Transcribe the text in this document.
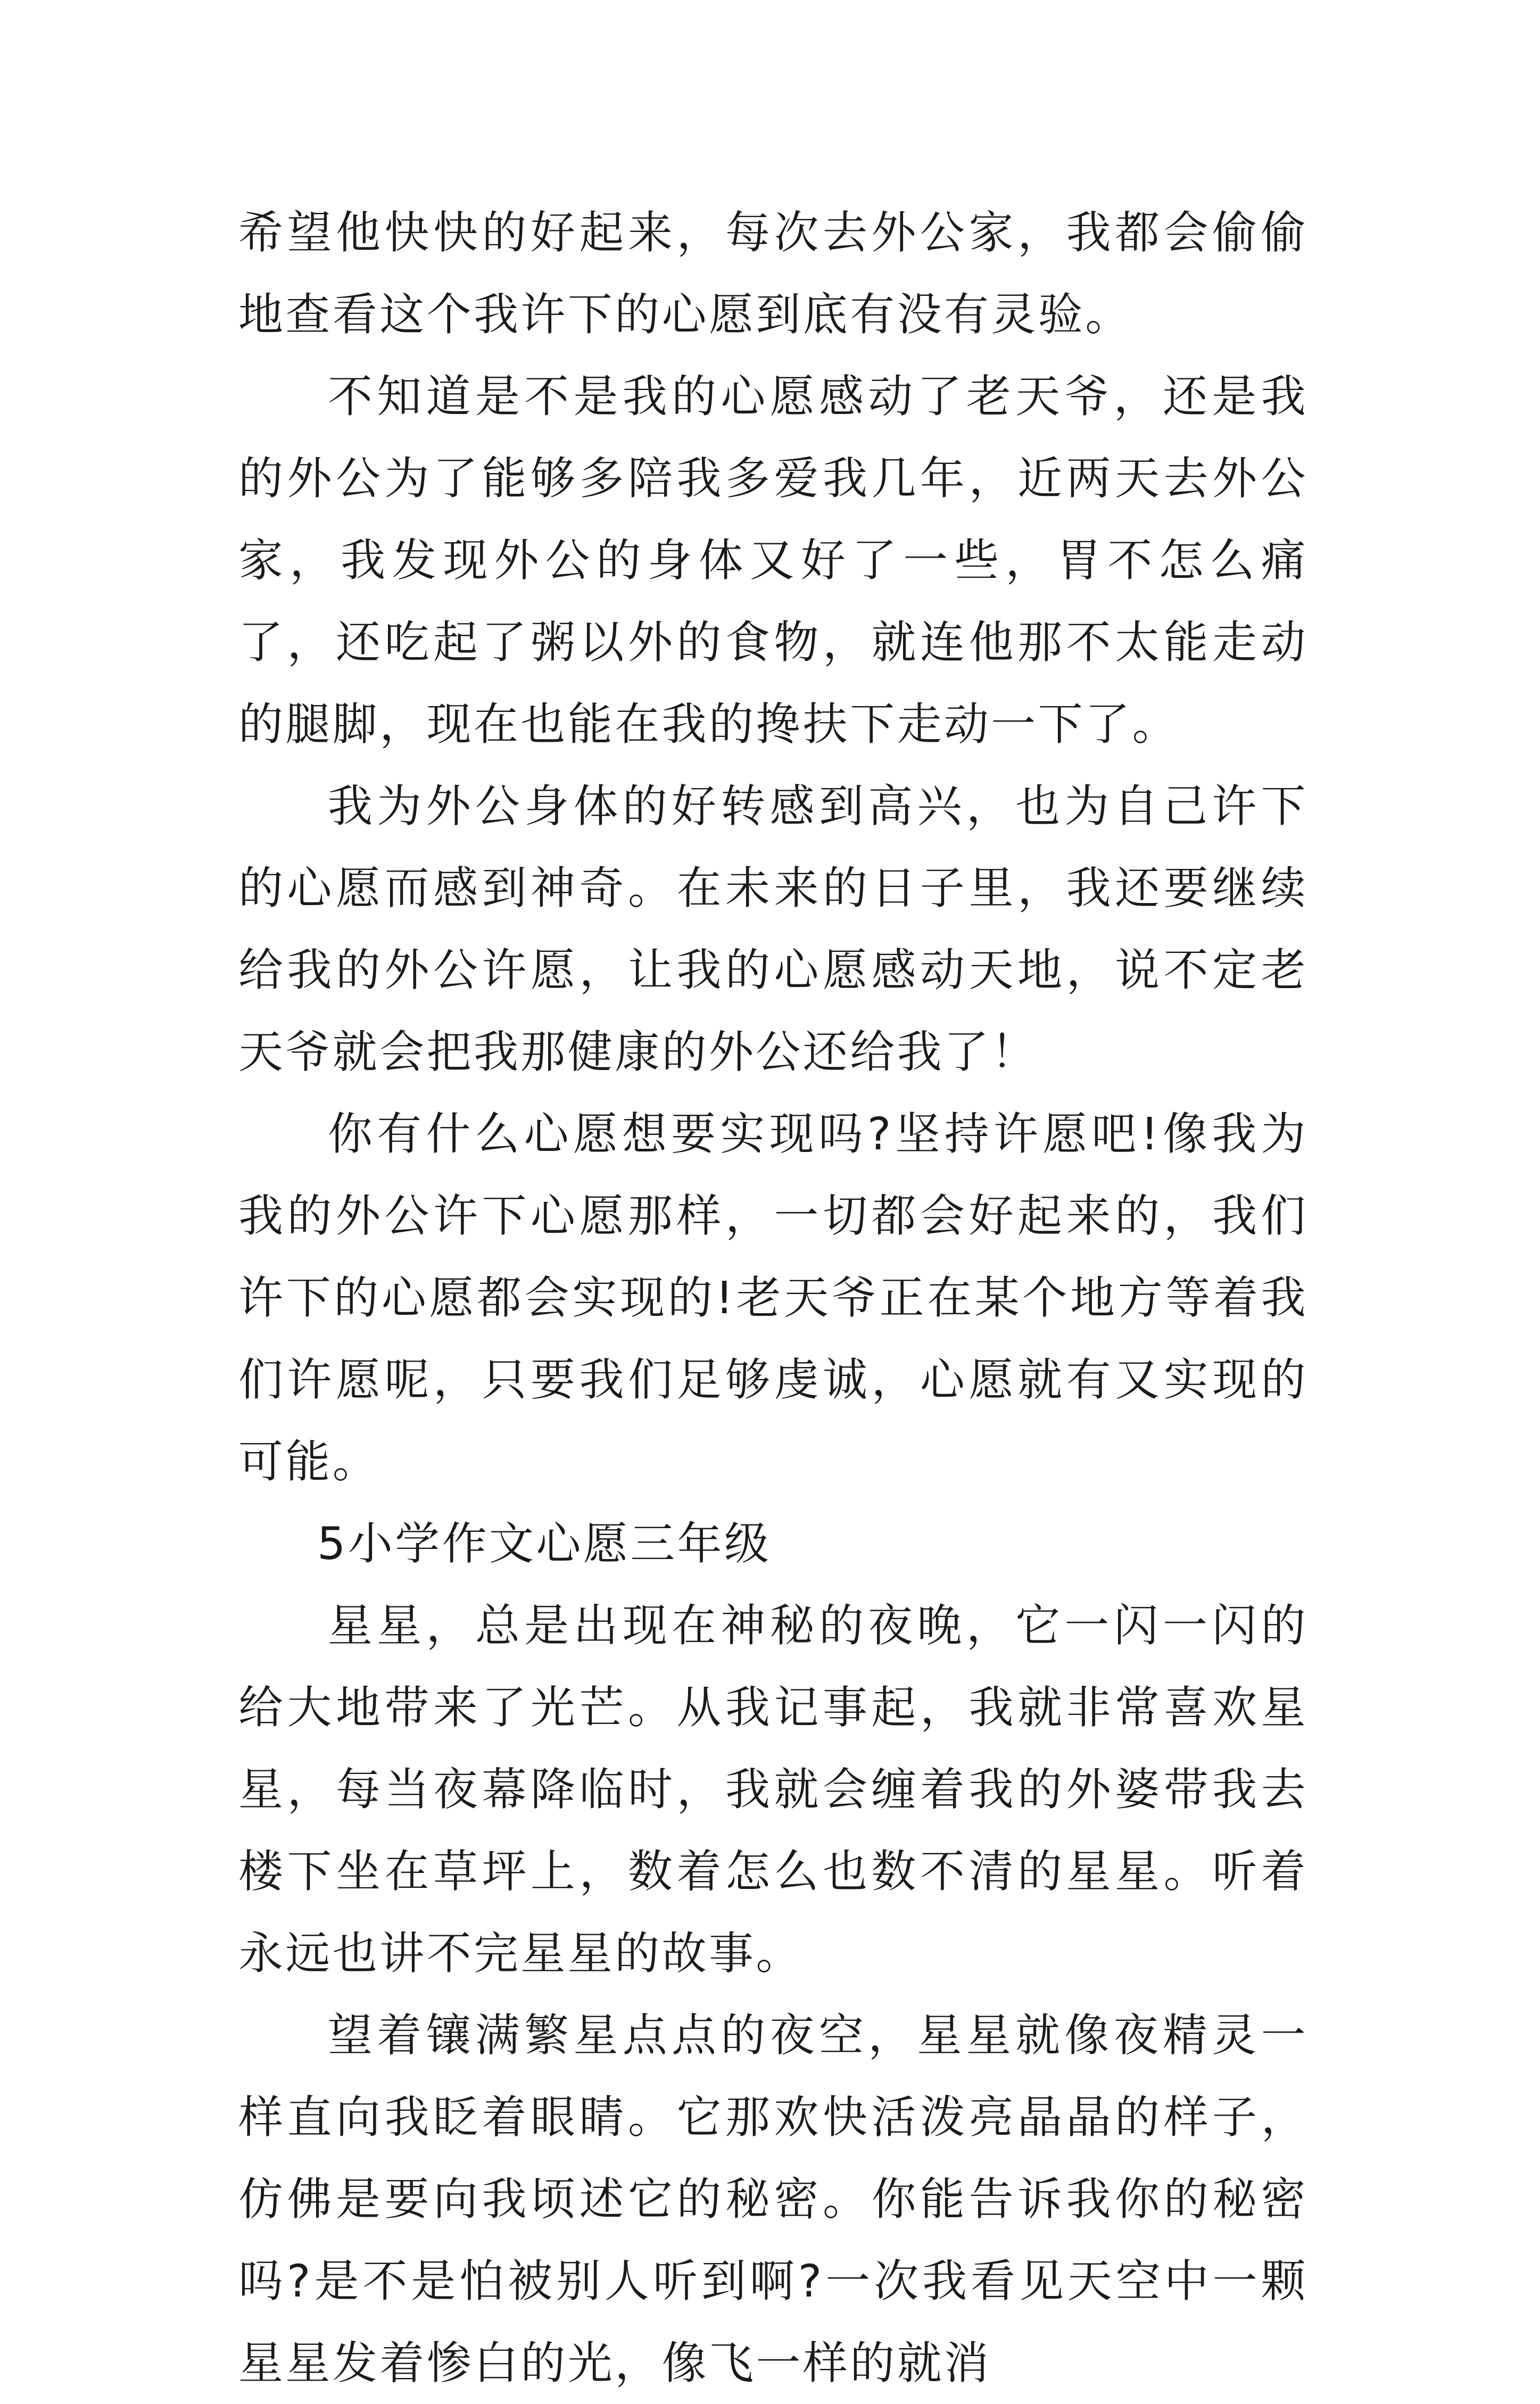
希望他快快的好起来，每次去外公家，我都会偷偷地查看这个我许下的心愿到底有没有灵验。

不知道是不是我的心愿感动了老天爷，还是我的外公为了能够多陪我多爱我几年，近两天去外公家，我发现外公的身体又好了一些，胃不怎么痛了，还吃起了粥以外的食物，就连他那不太能走动的腿脚，现在也能在我的搀扶下走动一下了。

我为外公身体的好转感到高兴，也为自己许下的心愿而感到神奇。在未来的日子里，我还要继续给我的外公许愿，让我的心愿感动天地，说不定老天爷就会把我那健康的外公还给我了！

你有什么心愿想要实现吗?坚持许愿吧!像我为我的外公许下心愿那样，一切都会好起来的，我们许下的心愿都会实现的!老天爷正在某个地方等着我们许愿呢，只要我们足够虔诚，心愿就有又实现的可能。

5小学作文心愿三年级

星星，总是出现在神秘的夜晚，它一闪一闪的给大地带来了光芒。从我记事起，我就非常喜欢星星，每当夜幕降临时，我就会缠着我的外婆带我去楼下坐在草坪上，数着怎么也数不清的星星。听着永远也讲不完星星的故事。

望着镶满繁星点点的夜空，星星就像夜精灵一样直向我眨着眼睛。它那欢快活泼亮晶晶的样子，仿佛是要向我顷述它的秘密。你能告诉我你的秘密吗?是不是怕被别人听到啊?一次我看见天空中一颗星星发着惨白的光，像飞一样的就消
